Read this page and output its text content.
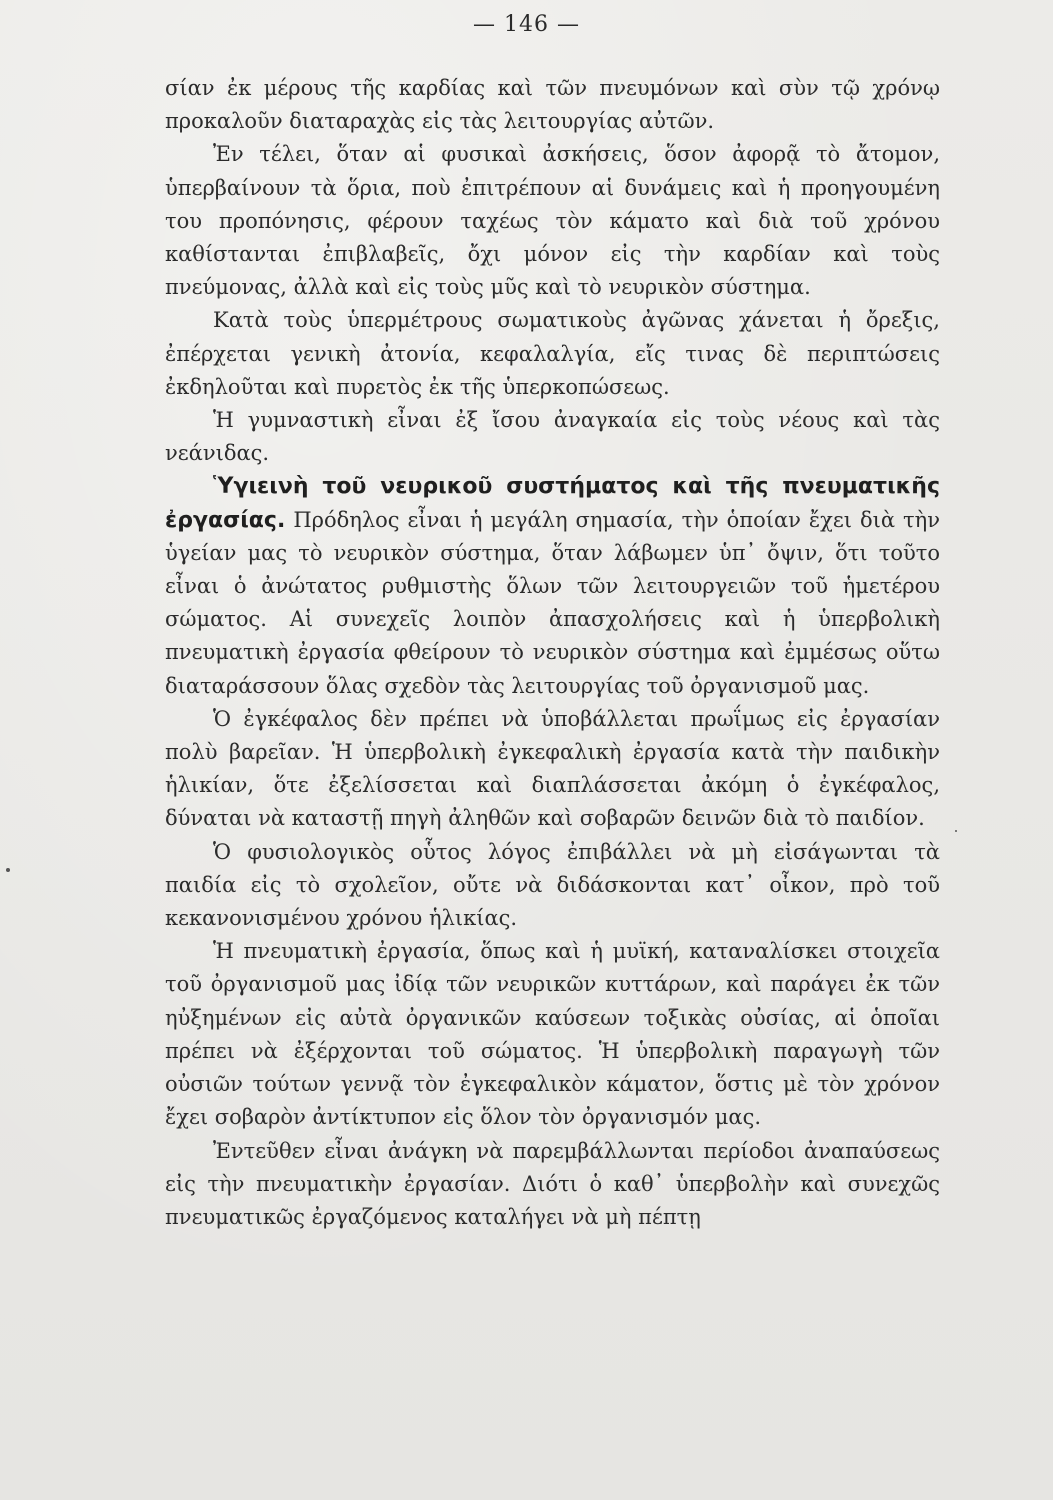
— 146 —

σίαν ἐκ μέρους τῆς καρδίας καὶ τῶν πνευμόνων καὶ σὺν τῷ χρόνῳ προκαλοῦν διαταραχὰς εἰς τὰς λειτουργίας αὐτῶν.

Ἐν τέλει, ὅταν αἱ φυσικαὶ ἀσκήσεις, ὅσον ἀφορᾷ τὸ ἄτομον, ὑπερβαίνουν τὰ ὅρια, ποὺ ἐπιτρέπουν αἱ δυνάμεις καὶ ἡ προηγουμένη του προπόνησις, φέρουν ταχέως τὸν κάματο καὶ διὰ τοῦ χρόνου καθίστανται ἐπιβλαβεῖς, ὄχι μόνον εἰς τὴν καρδίαν καὶ τοὺς πνεύμονας, ἀλλὰ καὶ εἰς τοὺς μῦς καὶ τὸ νευρικὸν σύστημα.

Κατὰ τοὺς ὑπερμέτρους σωματικοὺς ἀγῶνας χάνεται ἡ ὄρεξις, ἐπέρχεται γενικὴ ἀτονία, κεφαλαλγία, εἴς τινας δὲ περιπτώσεις ἐκδηλοῦται καὶ πυρετὸς ἐκ τῆς ὑπερκοπώσεως.

Ἡ γυμναστικὴ εἶναι ἐξ ἴσου ἀναγκαία εἰς τοὺς νέους καὶ τὰς νεάνιδας.

Ὑγιεινὴ τοῦ νευρικοῦ συστήματος καὶ τῆς πνευματικῆς ἐργασίας. Πρόδηλος εἶναι ἡ μεγάλη σημασία, τὴν ὁποίαν ἔχει διὰ τὴν ὑγείαν μας τὸ νευρικὸν σύστημα, ὅταν λάβωμεν ὑπ᾿ ὄψιν, ὅτι τοῦτο εἶναι ὁ ἀνώτατος ρυθμιστὴς ὅλων τῶν λειτουργειῶν τοῦ ἡμετέρου σώματος. Αἱ συνεχεῖς λοιπὸν ἀπασχολήσεις καὶ ἡ ὑπερβολικὴ πνευματικὴ ἐργασία φθείρουν τὸ νευρικὸν σύστημα καὶ ἐμμέσως οὕτω διαταράσσουν ὅλας σχεδὸν τὰς λειτουργίας τοῦ ὀργανισμοῦ μας.

Ὁ ἐγκέφαλος δὲν πρέπει νὰ ὑποβάλλεται πρωΐμως εἰς ἐργασίαν πολὺ βαρεῖαν. Ἡ ὑπερβολικὴ ἐγκεφαλικὴ ἐργασία κατὰ τὴν παιδικὴν ἡλικίαν, ὅτε ἐξελίσσεται καὶ διαπλάσσεται ἀκόμη ὁ ἐγκέφαλος, δύναται νὰ καταστῇ πηγὴ ἀληθῶν καὶ σοβαρῶν δεινῶν διὰ τὸ παιδίον.

Ὁ φυσιολογικὸς οὗτος λόγος ἐπιβάλλει νὰ μὴ εἰσάγωνται τὰ παιδία εἰς τὸ σχολεῖον, οὔτε νὰ διδάσκονται κατ᾿ οἶκον, πρὸ τοῦ κεκανονισμένου χρόνου ἡλικίας.

Ἡ πνευματικὴ ἐργασία, ὅπως καὶ ἡ μυϊκή, καταναλίσκει στοιχεῖα τοῦ ὀργανισμοῦ μας ἰδίᾳ τῶν νευρικῶν κυττάρων, καὶ παράγει ἐκ τῶν ηὐξημένων εἰς αὐτὰ ὀργανικῶν καύσεων τοξικὰς οὐσίας, αἱ ὁποῖαι πρέπει νὰ ἐξέρχονται τοῦ σώματος. Ἡ ὑπερβολικὴ παραγωγὴ τῶν οὐσιῶν τούτων γεννᾷ τὸν ἐγκεφαλικὸν κάματον, ὅστις μὲ τὸν χρόνον ἔχει σοβαρὸν ἀντίκτυπον εἰς ὅλον τὸν ὀργανισμόν μας.

Ἐντεῦθεν εἶναι ἀνάγκη νὰ παρεμβάλλωνται περίοδοι ἀναπαύσεως εἰς τὴν πνευματικὴν ἐργασίαν. Διότι ὁ καθ᾿ ὑπερβολὴν καὶ συνεχῶς πνευματικῶς ἐργαζόμενος καταλήγει νὰ μὴ πέπτῃ
